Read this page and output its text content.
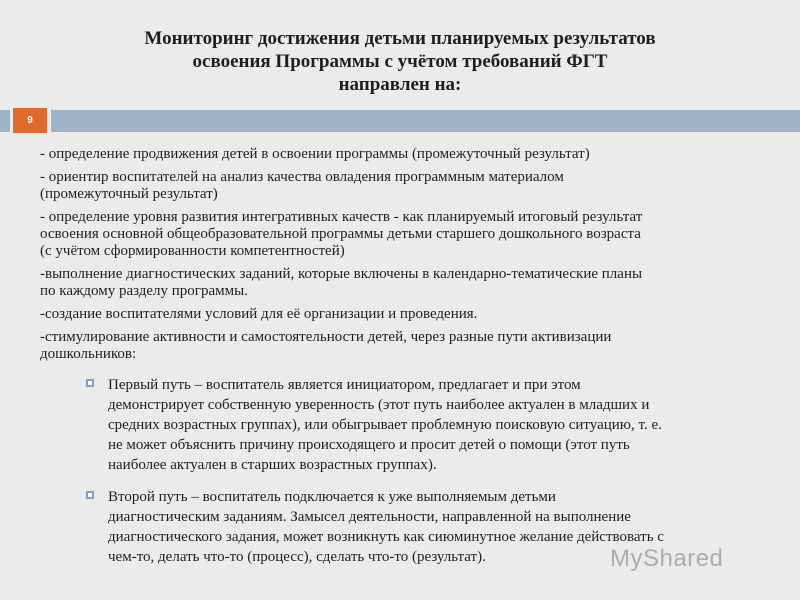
Мониторинг достижения детьми планируемых результатов
освоения Программы с учётом требований ФГТ
направлен на:
9
- определение продвижения детей в освоении программы (промежуточный результат)
- ориентир воспитателей на анализ качества овладения программным материалом
(промежуточный результат)
- определение уровня развития интегративных качеств - как планируемый итоговый результат
освоения основной общеобразовательной программы детьми старшего дошкольного возраста
(с учётом сформированности компетентностей)
-выполнение диагностических заданий, которые включены в календарно-тематические планы
по каждому разделу программы.
-создание воспитателями условий для её организации и проведения.
-стимулирование активности и самостоятельности детей, через разные пути активизации
дошкольников:
Первый путь – воспитатель является инициатором, предлагает и при этом
демонстрирует собственную уверенность (этот путь наиболее актуален в младших и
средних возрастных группах), или обыгрывает проблемную поисковую ситуацию, т. е.
не может объяснить причину происходящего и просит детей о помощи (этот путь
наиболее актуален в старших возрастных группах).
Второй путь – воспитатель подключается к уже выполняемым детьми
диагностическим заданиям. Замысел деятельности, направленной на выполнение
диагностического задания, может возникнуть как сиюминутное желание действовать с
чем-то, делать что-то (процесс), сделать что-то (результат).	MyShared
